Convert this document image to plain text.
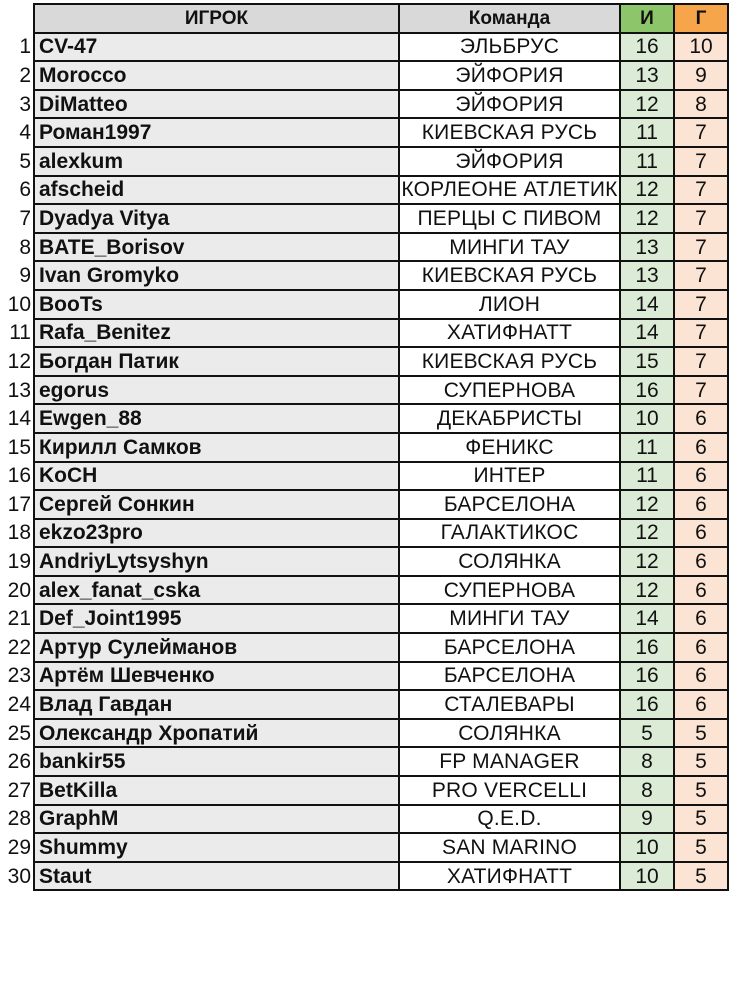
	ИГРОК	Команда	И	Г
1	CV-47	ЭЛЬБРУС	16	10
2	Morocco	ЭЙФОРИЯ	13	9
3	DiMatteo	ЭЙФОРИЯ	12	8
4	Роман1997	КИЕВСКАЯ РУСЬ	11	7
5	alexkum	ЭЙФОРИЯ	11	7
6	afscheid	КОРЛЕОНЕ АТЛЕТИК	12	7
7	Dyadya Vitya	ПЕРЦЫ С ПИВОМ	12	7
8	BATE_Borisov	МИНГИ ТАУ	13	7
9	Ivan Gromyko	КИЕВСКАЯ РУСЬ	13	7
10	BooTs	ЛИОН	14	7
11	Rafa_Benitez	ХАТИФНАТТ	14	7
12	Богдан Патик	КИЕВСКАЯ РУСЬ	15	7
13	egorus	СУПЕРНОВА	16	7
14	Ewgen_88	ДЕКАБРИСТЫ	10	6
15	Кирилл Самков	ФЕНИКС	11	6
16	KoCH	ИНТЕР	11	6
17	Сергей Сонкин	БАРСЕЛОНА	12	6
18	ekzo23pro	ГАЛАКТИКОС	12	6
19	AndriyLytsyshyn	СОЛЯНКА	12	6
20	alex_fanat_cska	СУПЕРНОВА	12	6
21	Def_Joint1995	МИНГИ ТАУ	14	6
22	Артур Сулейманов	БАРСЕЛОНА	16	6
23	Артём Шевченко	БАРСЕЛОНА	16	6
24	Влад Гавдан	СТАЛЕВАРЫ	16	6
25	Олександр Хропатий	СОЛЯНКА	5	5
26	bankir55	FP MANAGER	8	5
27	BetKilla	PRO VERCELLI	8	5
28	GraphM	Q.E.D.	9	5
29	Shummy	SAN MARINO	10	5
30	Staut	ХАТИФНАТТ	10	5
